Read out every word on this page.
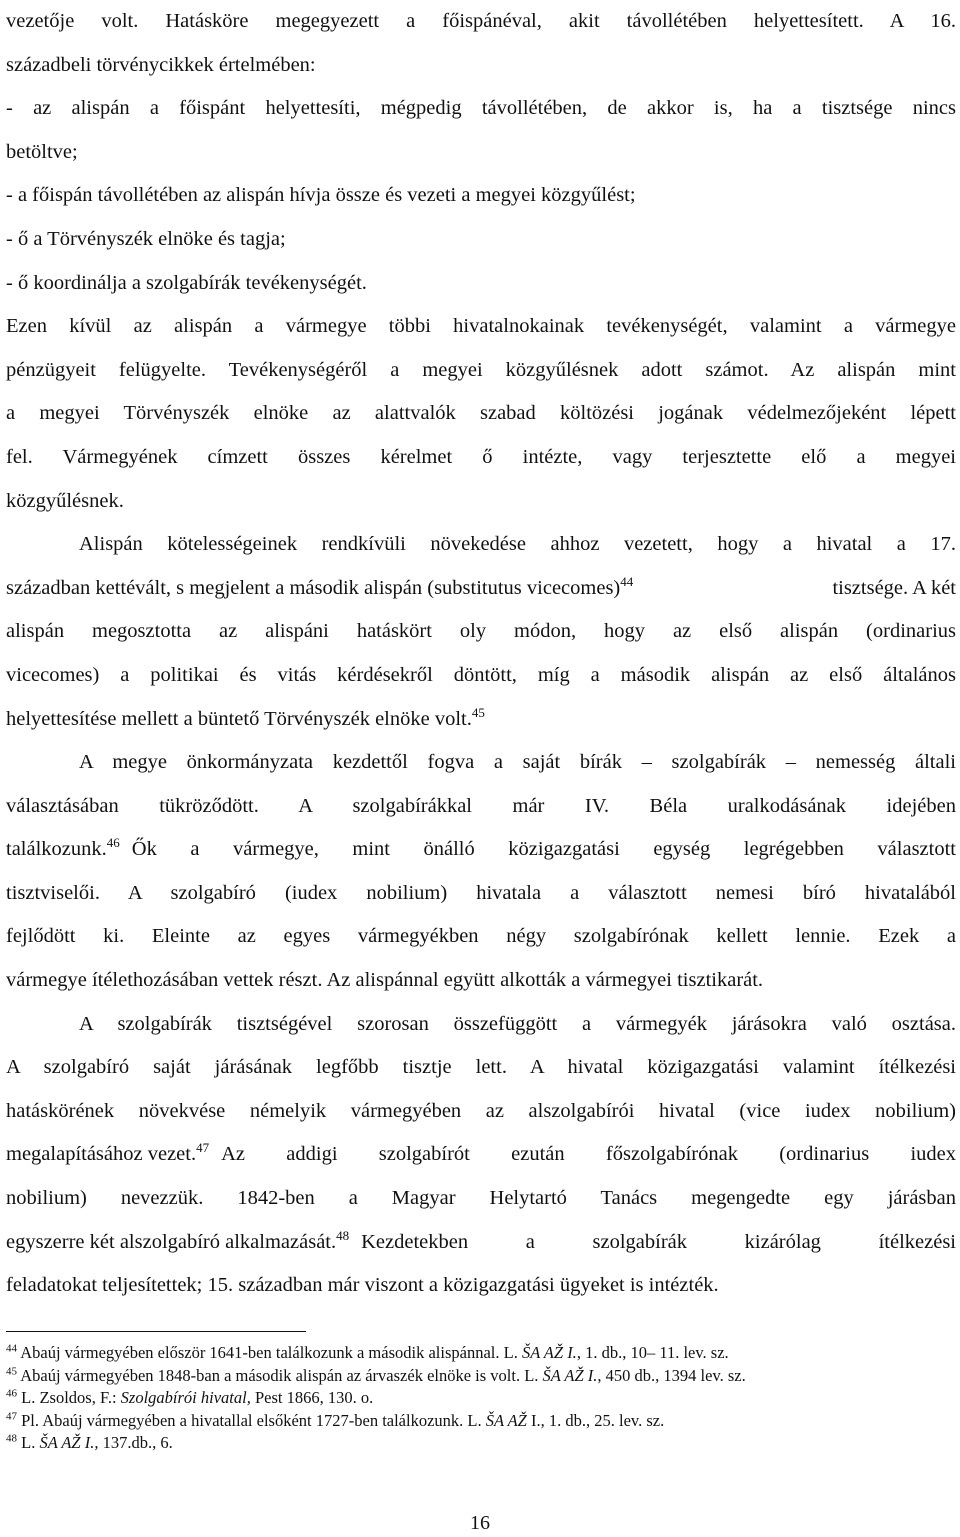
vezetője volt. Hatásköre megegyezett a főispánéval, akit távollétében helyettesített. A 16.
századbeli törvénycikkek értelmében:
- az alispán a főispánt helyettesíti, mégpedig távollétében, de akkor is, ha a tisztsége nincs
betöltve;
- a főispán távollétében az alispán hívja össze és vezeti a megyei közgyűlést;
- ő a Törvényszék elnöke és tagja;
- ő koordinálja a szolgabírák tevékenységét.
Ezen kívül az alispán a vármegye többi hivatalnokainak tevékenységét, valamint a vármegye
pénzügyeit felügyelte. Tevékenységéről a megyei közgyűlésnek adott számot. Az alispán mint
a megyei Törvényszék elnöke az alattvalók szabad költözési jogának védelmezőjeként lépett
fel. Vármegyének címzett összes kérelmet ő intézte, vagy terjesztette elő a megyei
közgyűlésnek.
Alispán kötelességeinek rendkívüli növekedése ahhoz vezetett, hogy a hivatal a 17.
században kettévált, s megjelent a második alispán (substitutus vicecomes)$^{44}$	tisztsége. A két
alispán megosztotta az alispáni hatáskört oly módon, hogy az első alispán (ordinarius
vicecomes) a politikai és vitás kérdésekről döntött, míg a második alispán az első általános
helyettesítése mellett a büntető Törvényszék elnöke volt.$^{45}$
A megye önkormányzata kezdettől fogva a saját bírák – szolgabírák – nemesség általi
választásában tükröződött. A szolgabírákkal már IV. Béla uralkodásának idejében
találkozunk.$^{46}$ Ők a vármegye, mint önálló közigazgatási egység legrégebben választott
tisztviselői. A szolgabíró (iudex nobilium) hivatala a választott nemesi bíró hivatalából
fejlődött ki. Eleinte az egyes vármegyékben négy szolgabírónak kellett lennie. Ezek a
vármegye ítélethozásában vettek részt. Az alispánnal együtt alkották a vármegyei tisztikarát.
A szolgabírák tisztségével szorosan összefüggött a vármegyék járásokra való osztása.
A szolgabíró saját járásának legfőbb tisztje lett. A hivatal közigazgatási valamint ítélkezési
hatáskörének növekvése némelyik vármegyében az alszolgabírói hivatal (vice iudex nobilium)
megalapításához vezet.$^{47}$ Az addigi szolgabírót ezután főszolgabírónak (ordinarius iudex
nobilium) nevezzük. 1842-ben a Magyar Helytartó Tanács megengedte egy járásban
egyszerre két alszolgabíró alkalmazását.$^{48}$ Kezdetekben a szolgabírák kizárólag ítélkezési
feladatokat teljesítettek; 15. században már viszont a közigazgatási ügyeket is intézték.
$^{44}$ Abaúj vármegyében először 1641-ben találkozunk a második alispánnal. L. ŠA AŽ I., 1. db., 10– 11. lev. sz.
$^{45}$ Abaúj vármegyében 1848-ban a második alispán az árvaszék elnöke is volt. L. ŠA AŽ I., 450 db., 1394 lev. sz.
$^{46}$ L. Zsoldos, F.: Szolgabírói hivatal, Pest 1866, 130. o.
$^{47}$ Pl. Abaúj vármegyében a hivatallal elsőként 1727-ben találkozunk. L. ŠA AŽ I., 1. db., 25. lev. sz.
$^{48}$ L. ŠA AŽ I., 137.db., 6.
16
